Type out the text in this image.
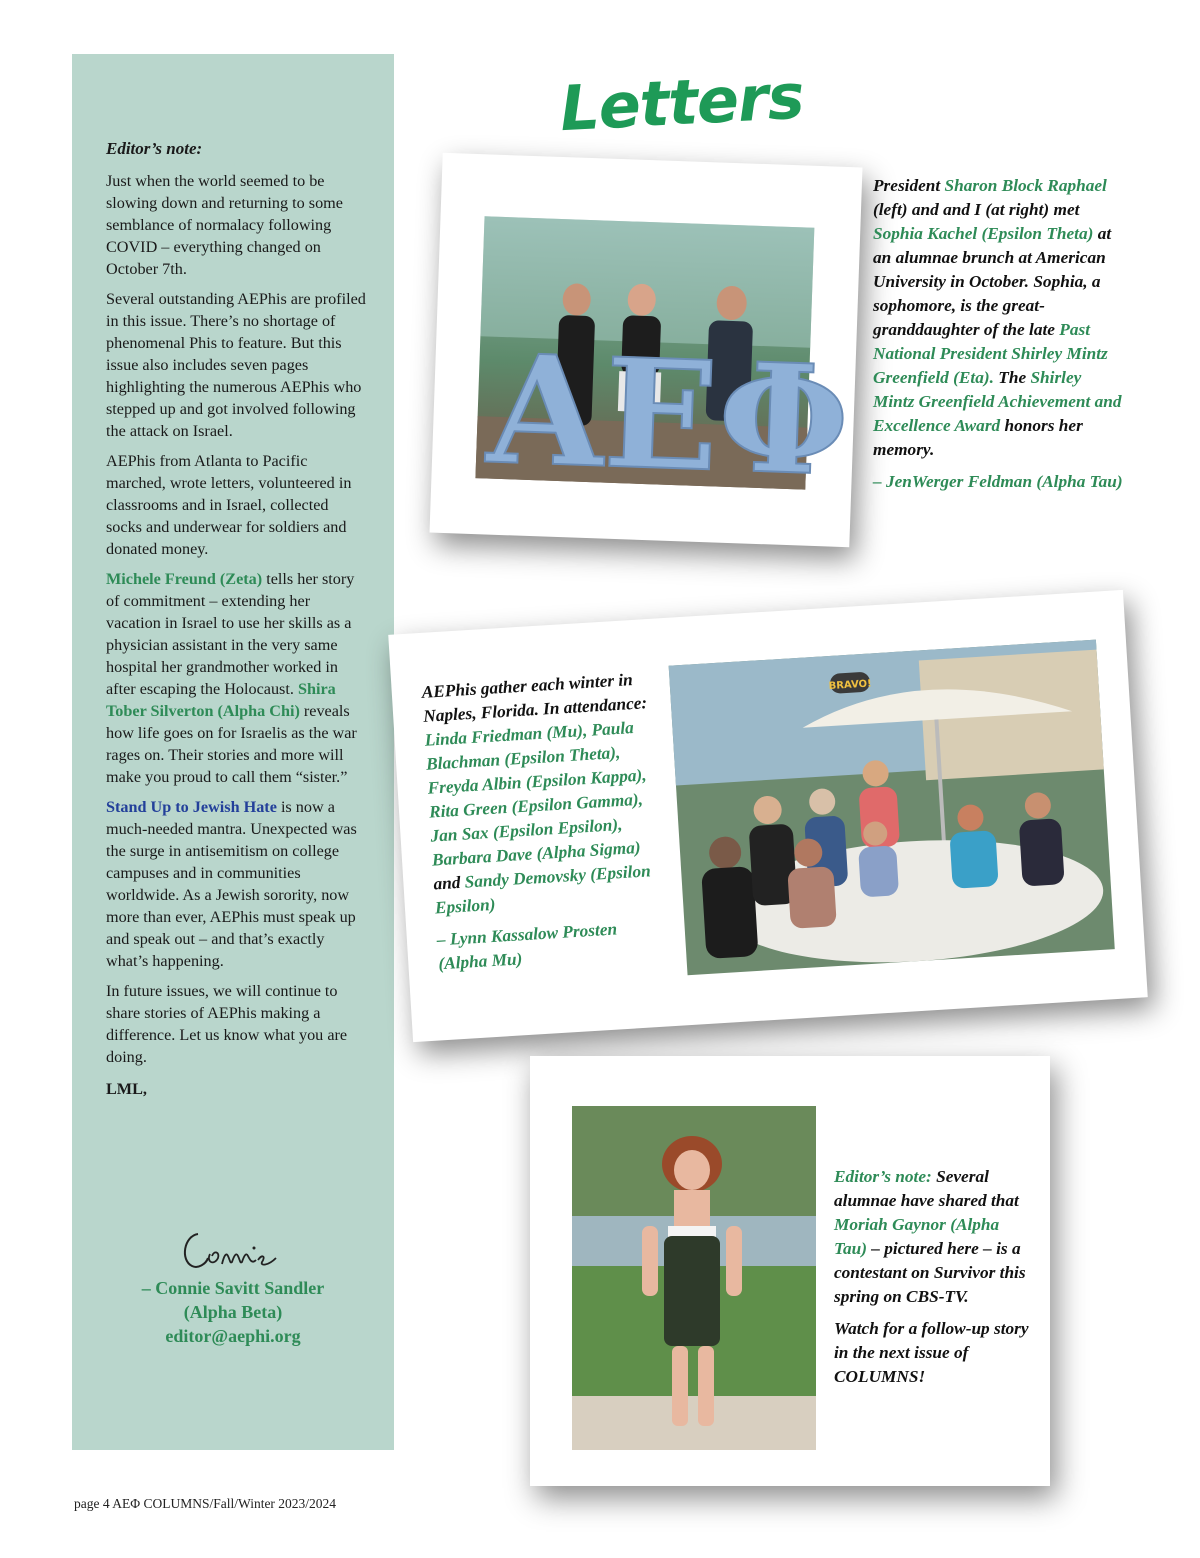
Editor’s note:

Just when the world seemed to be slowing down and returning to some semblance of normalacy following COVID – everything changed on October 7th.

Several outstanding AEPhis are profiled in this issue. There’s no shortage of phenomenal Phis to feature. But this issue also includes seven pages highlighting the numerous AEPhis who stepped up and got involved following the attack on Israel.

AEPhis from Atlanta to Pacific marched, wrote letters, volunteered in classrooms and in Israel, collected socks and underwear for soldiers and donated money.

Michele Freund (Zeta) tells her story of commitment – extending her vacation in Israel to use her skills as a physician assistant in the very same hospital her grandmother worked in after escaping the Holocaust. Shira Tober Silverton (Alpha Chi) reveals how life goes on for Israelis as the war rages on. Their stories and more will make you proud to call them “sister.”

Stand Up to Jewish Hate is now a much-needed mantra. Unexpected was the surge in antisemitism on college campuses and in communities worldwide. As a Jewish sorority, now more than ever, AEPhis must speak up and speak out – and that’s exactly what’s happening.

In future issues, we will continue to share stories of AEPhis making a difference. Let us know what you are doing.

LML,

– Connie Savitt Sandler
(Alpha Beta)
editor@aephi.org
Letters
ΑΕΦ

President Sharon Block Raphael (left) and and I (at right) met Sophia Kachel (Epsilon Theta) at an alumnae brunch at American University in October. Sophia, a sophomore, is the great-granddaughter of the late Past National President Shirley Mintz Greenfield (Eta). The Shirley Mintz Greenfield Achievement and Excellence Award honors her memory.

– JenWerger Feldman (Alpha Tau)

AEPhis gather each winter in Naples, Florida. In attendance: Linda Friedman (Mu), Paula Blachman (Epsilon Theta), Freyda Albin (Epsilon Kappa), Rita Green (Epsilon Gamma), Jan Sax (Epsilon Epsilon), Barbara Dave (Alpha Sigma) and Sandy Demovsky (Epsilon Epsilon)

– Lynn Kassalow Prosten (Alpha Mu)

BRAVO!

Editor’s note: Several alumnae have shared that Moriah Gaynor (Alpha Tau) – pictured here – is a contestant on Survivor this spring on CBS-TV.

Watch for a follow-up story in the next issue of COLUMNS!

page 4 AEΦ COLUMNS/Fall/Winter 2023/2024
